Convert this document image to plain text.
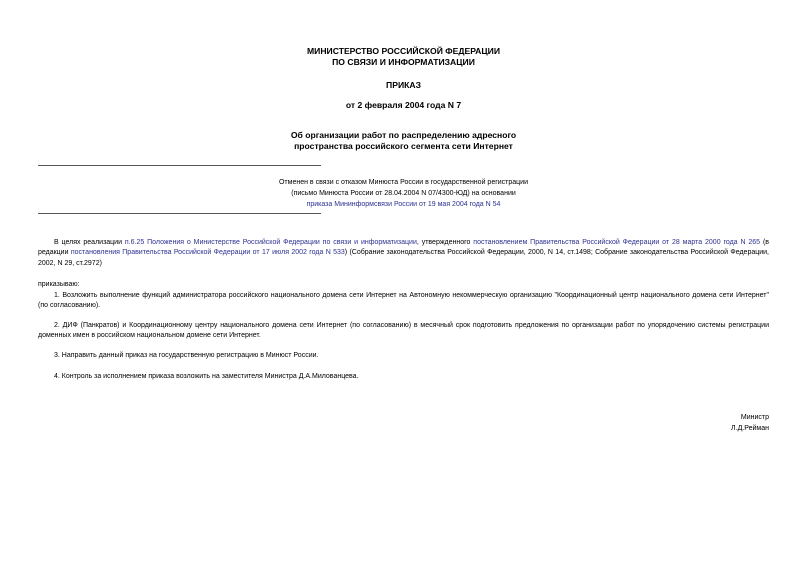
МИНИСТЕРСТВО РОССИЙСКОЙ ФЕДЕРАЦИИ
ПО СВЯЗИ И ИНФОРМАТИЗАЦИИ
ПРИКАЗ
от 2 февраля 2004 года N 7
Об организации работ по распределению адресного
пространства российского сегмента сети Интернет
Отменен в связи с отказом Минюста России в государственной регистрации
(письмо Минюста России от 28.04.2004 N 07/4300-ЮД) на основании
приказа Мининформсвязи России от 19 мая 2004 года N 54
В целях реализации п.6.25 Положения о Министерстве Российской Федерации по связи и информатизации, утвержденного постановлением Правительства Российской Федерации от 28 марта 2000 года N 265 (в редакции постановления Правительства Российской Федерации от 17 июля 2002 года N 533) (Собрание законодательства Российской Федерации, 2000, N 14, ст.1498; Собрание законодательства Российской Федерации, 2002, N 29, ст.2972)
приказываю:
1. Возложить выполнение функций администратора российского национального домена сети Интернет на Автономную некоммерческую организацию "Координационный центр национального домена сети Интернет" (по согласованию).
2. ДИФ (Панкратов) и Координационному центру национального домена сети Интернет (по согласованию) в месячный срок подготовить предложения по организации работ по упорядочению системы регистрации доменных имен в российском национальном домене сети Интернет.
3. Направить данный приказ на государственную регистрацию в Минюст России.
4. Контроль за исполнением приказа возложить на заместителя Министра Д.А.Милованцева.
Министр
Л.Д.Рейман
